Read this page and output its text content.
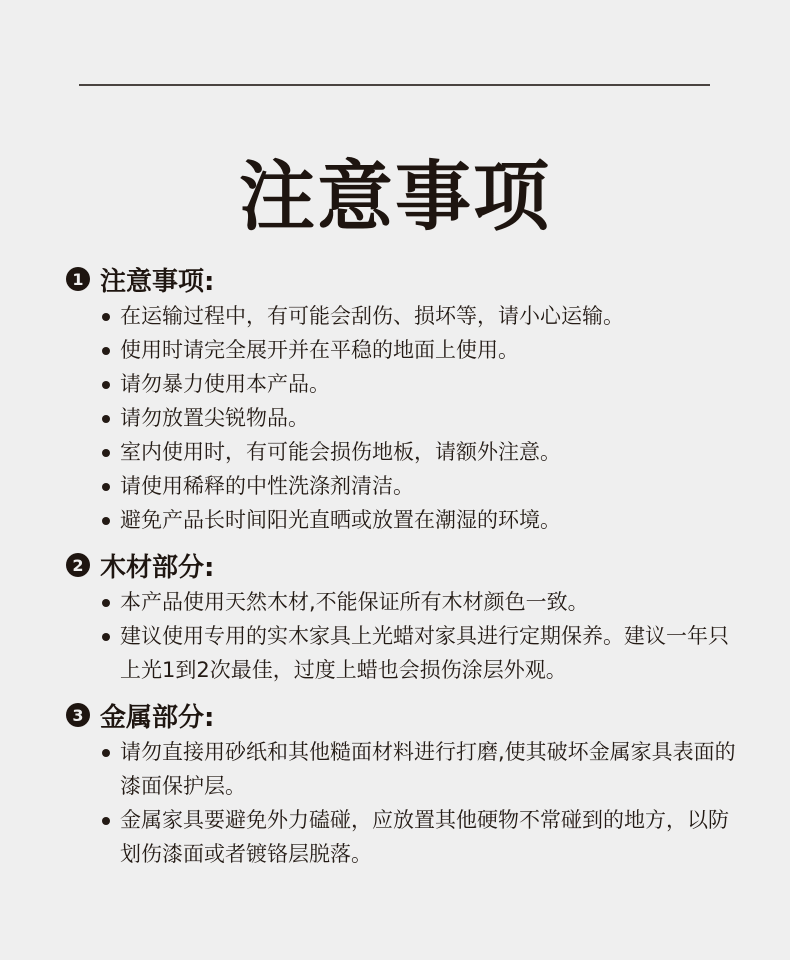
注意事项
1 注意事项:
在运输过程中，有可能会刮伤、损坏等，请小心运输。
使用时请完全展开并在平稳的地面上使用。
请勿暴力使用本产品。
请勿放置尖锐物品。
室内使用时，有可能会损伤地板，请额外注意。
请使用稀释的中性洗涤剂清洁。
避免产品长时间阳光直晒或放置在潮湿的环境。
2 木材部分:
本产品使用天然木材,不能保证所有木材颜色一致。
建议使用专用的实木家具上光蜡对家具进行定期保养。建议一年只上光1到2次最佳，过度上蜡也会损伤涂层外观。
3 金属部分:
请勿直接用砂纸和其他糙面材料进行打磨,使其破坏金属家具表面的漆面保护层。
金属家具要避免外力磕碰，应放置其他硬物不常碰到的地方，以防划伤漆面或者镀铬层脱落。
